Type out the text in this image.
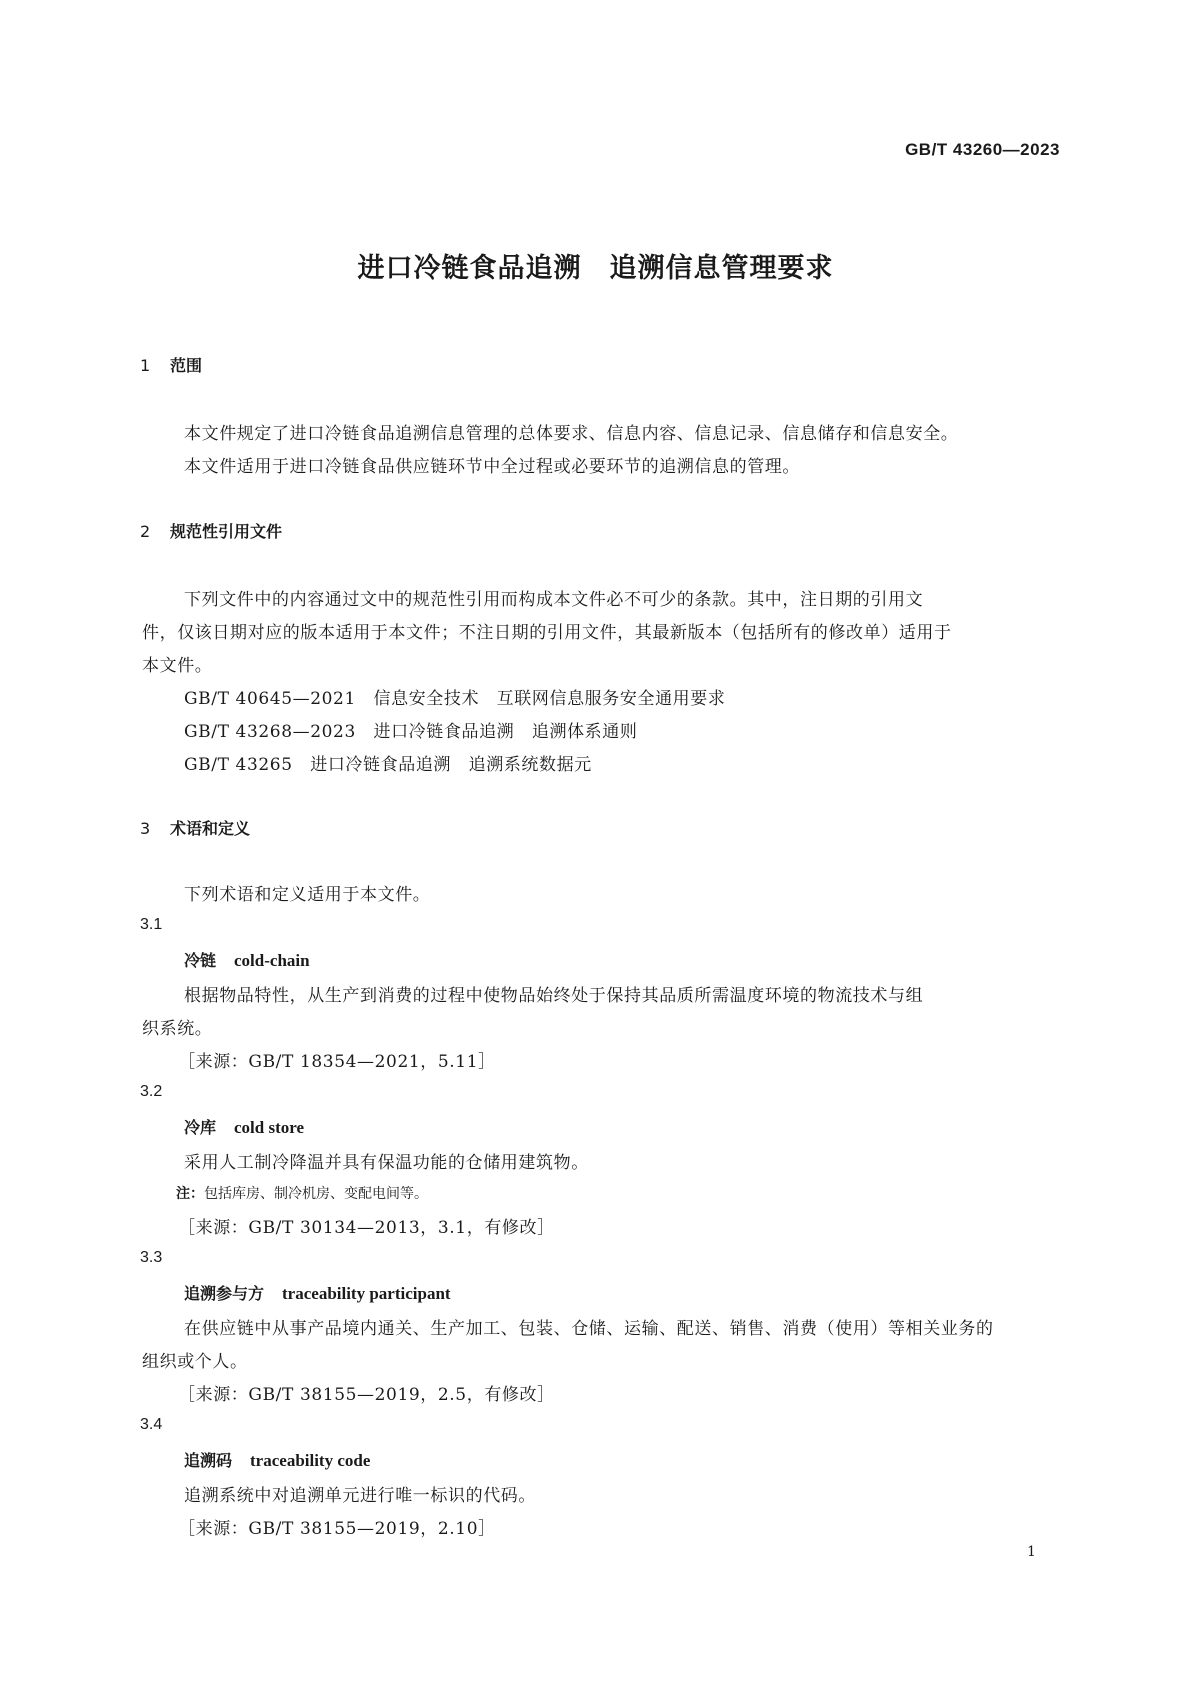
GB/T 43260—2023
进口冷链食品追溯　追溯信息管理要求
1 范围
本文件规定了进口冷链食品追溯信息管理的总体要求、信息内容、信息记录、信息储存和信息安全。
本文件适用于进口冷链食品供应链环节中全过程或必要环节的追溯信息的管理。
2 规范性引用文件
下列文件中的内容通过文中的规范性引用而构成本文件必不可少的条款。其中，注日期的引用文
件，仅该日期对应的版本适用于本文件；不注日期的引用文件，其最新版本（包括所有的修改单）适用于
本文件。
GB/T 40645—2021　信息安全技术　互联网信息服务安全通用要求
GB/T 43268—2023　进口冷链食品追溯　追溯体系通则
GB/T 43265　进口冷链食品追溯　追溯系统数据元
3 术语和定义
下列术语和定义适用于本文件。
3.1
冷链 cold-chain
根据物品特性，从生产到消费的过程中使物品始终处于保持其品质所需温度环境的物流技术与组
织系统。
［来源：GB/T 18354—2021，5.11］
3.2
冷库 cold store
采用人工制冷降温并具有保温功能的仓储用建筑物。
注：包括库房、制冷机房、变配电间等。
［来源：GB/T 30134—2013，3.1，有修改］
3.3
追溯参与方 traceability participant
在供应链中从事产品境内通关、生产加工、包装、仓储、运输、配送、销售、消费（使用）等相关业务的
组织或个人。
［来源：GB/T 38155—2019，2.5，有修改］
3.4
追溯码 traceability code
追溯系统中对追溯单元进行唯一标识的代码。
［来源：GB/T 38155—2019，2.10］
1
